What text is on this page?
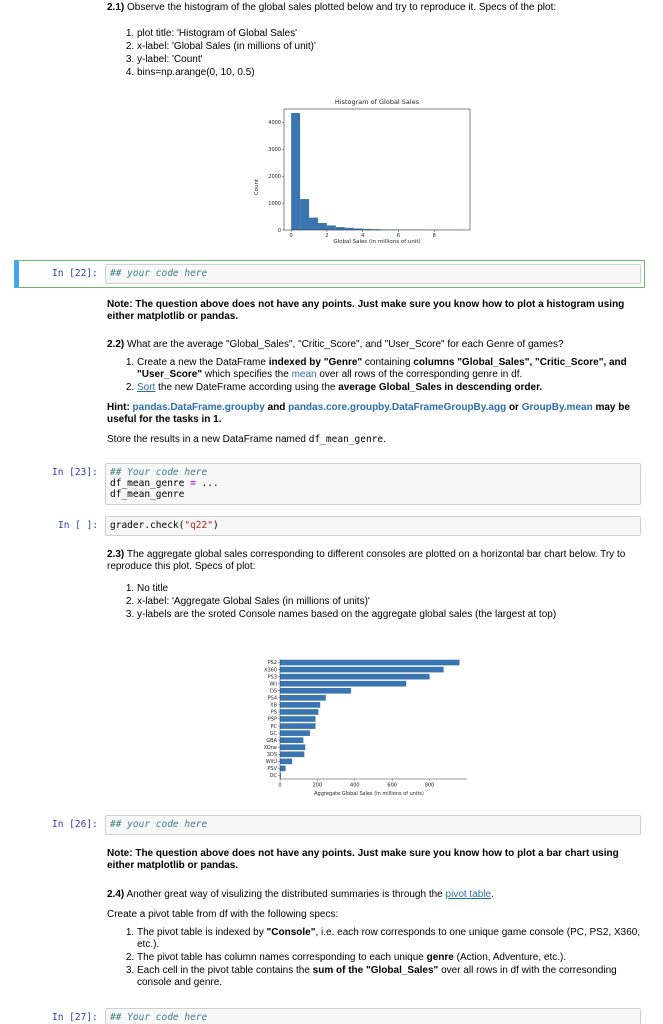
2.1) Observe the histogram of the global sales plotted below and try to reproduce it. Specs of the plot:

1. plot title: 'Histogram of Global Sales'
2. x-label: 'Global Sales (in millions of unit)'
3. y-label: 'Count'
4. bins=np.arange(0, 10, 0.5)
Histogram of Global Sales
Global Sales (in millions of unit)
Count
0	2	4	6	8
0
1000
2000
3000
4000
In [22]:	## your code here

Note: The question above does not have any points. Just make sure you know how to plot a histogram using either matplotlib or pandas.

2.2) What are the average "Global_Sales", "Critic_Score", and "User_Score" for each Genre of games?

1. Create a new the DataFrame indexed by "Genre" containing columns "Global_Sales", "Critic_Score", and "User_Score" which specifies the mean over all rows of the corresponding genre in df.
2. Sort the new DateFrame according using the average Global_Sales in descending order.

Hint: pandas.DataFrame.groupby and pandas.core.groupby.DataFrameGroupBy.agg or GroupBy.mean may be useful for the tasks in 1.

Store the results in a new DataFrame named df_mean_genre.

In [23]:	## Your code here
df_mean_genre = ...
df_mean_genre
In [ ]:	grader.check("q22")

2.3) The aggregate global sales corresponding to different consoles are plotted on a horizontal bar chart below. Try to reproduce this plot. Specs of plot:

1. No title
2. x-label: 'Aggregate Global Sales (in millions of units)'
3. y-labels are the sroted Console names based on the aggregate global sales (the largest at top)
Aggregate Global Sales (in millions of units)
PS2
X360
PS3
Wii
DS
PS4
XB
PS
PSP
PC
GC
GBA
XOne
3DS
WiiU
PSV
DC
0	200	400	600	800
In [26]:	## your code here

Note: The question above does not have any points. Just make sure you know how to plot a bar chart using either matplotlib or pandas.

2.4) Another great way of visulizing the distributed summaries is through the pivot table.

Create a pivot table from df with the following specs:

1. The pivot table is indexed by "Console", i.e. each row corresponds to one unique game console (PC, PS2, X360, etc.).
2. The pivot table has column names corresponding to each unique genre (Action, Adventure, etc.).
3. Each cell in the pivot table contains the sum of the "Global_Sales" over all rows in df with the corresonding console and genre.
In [27]:	## Your code here
